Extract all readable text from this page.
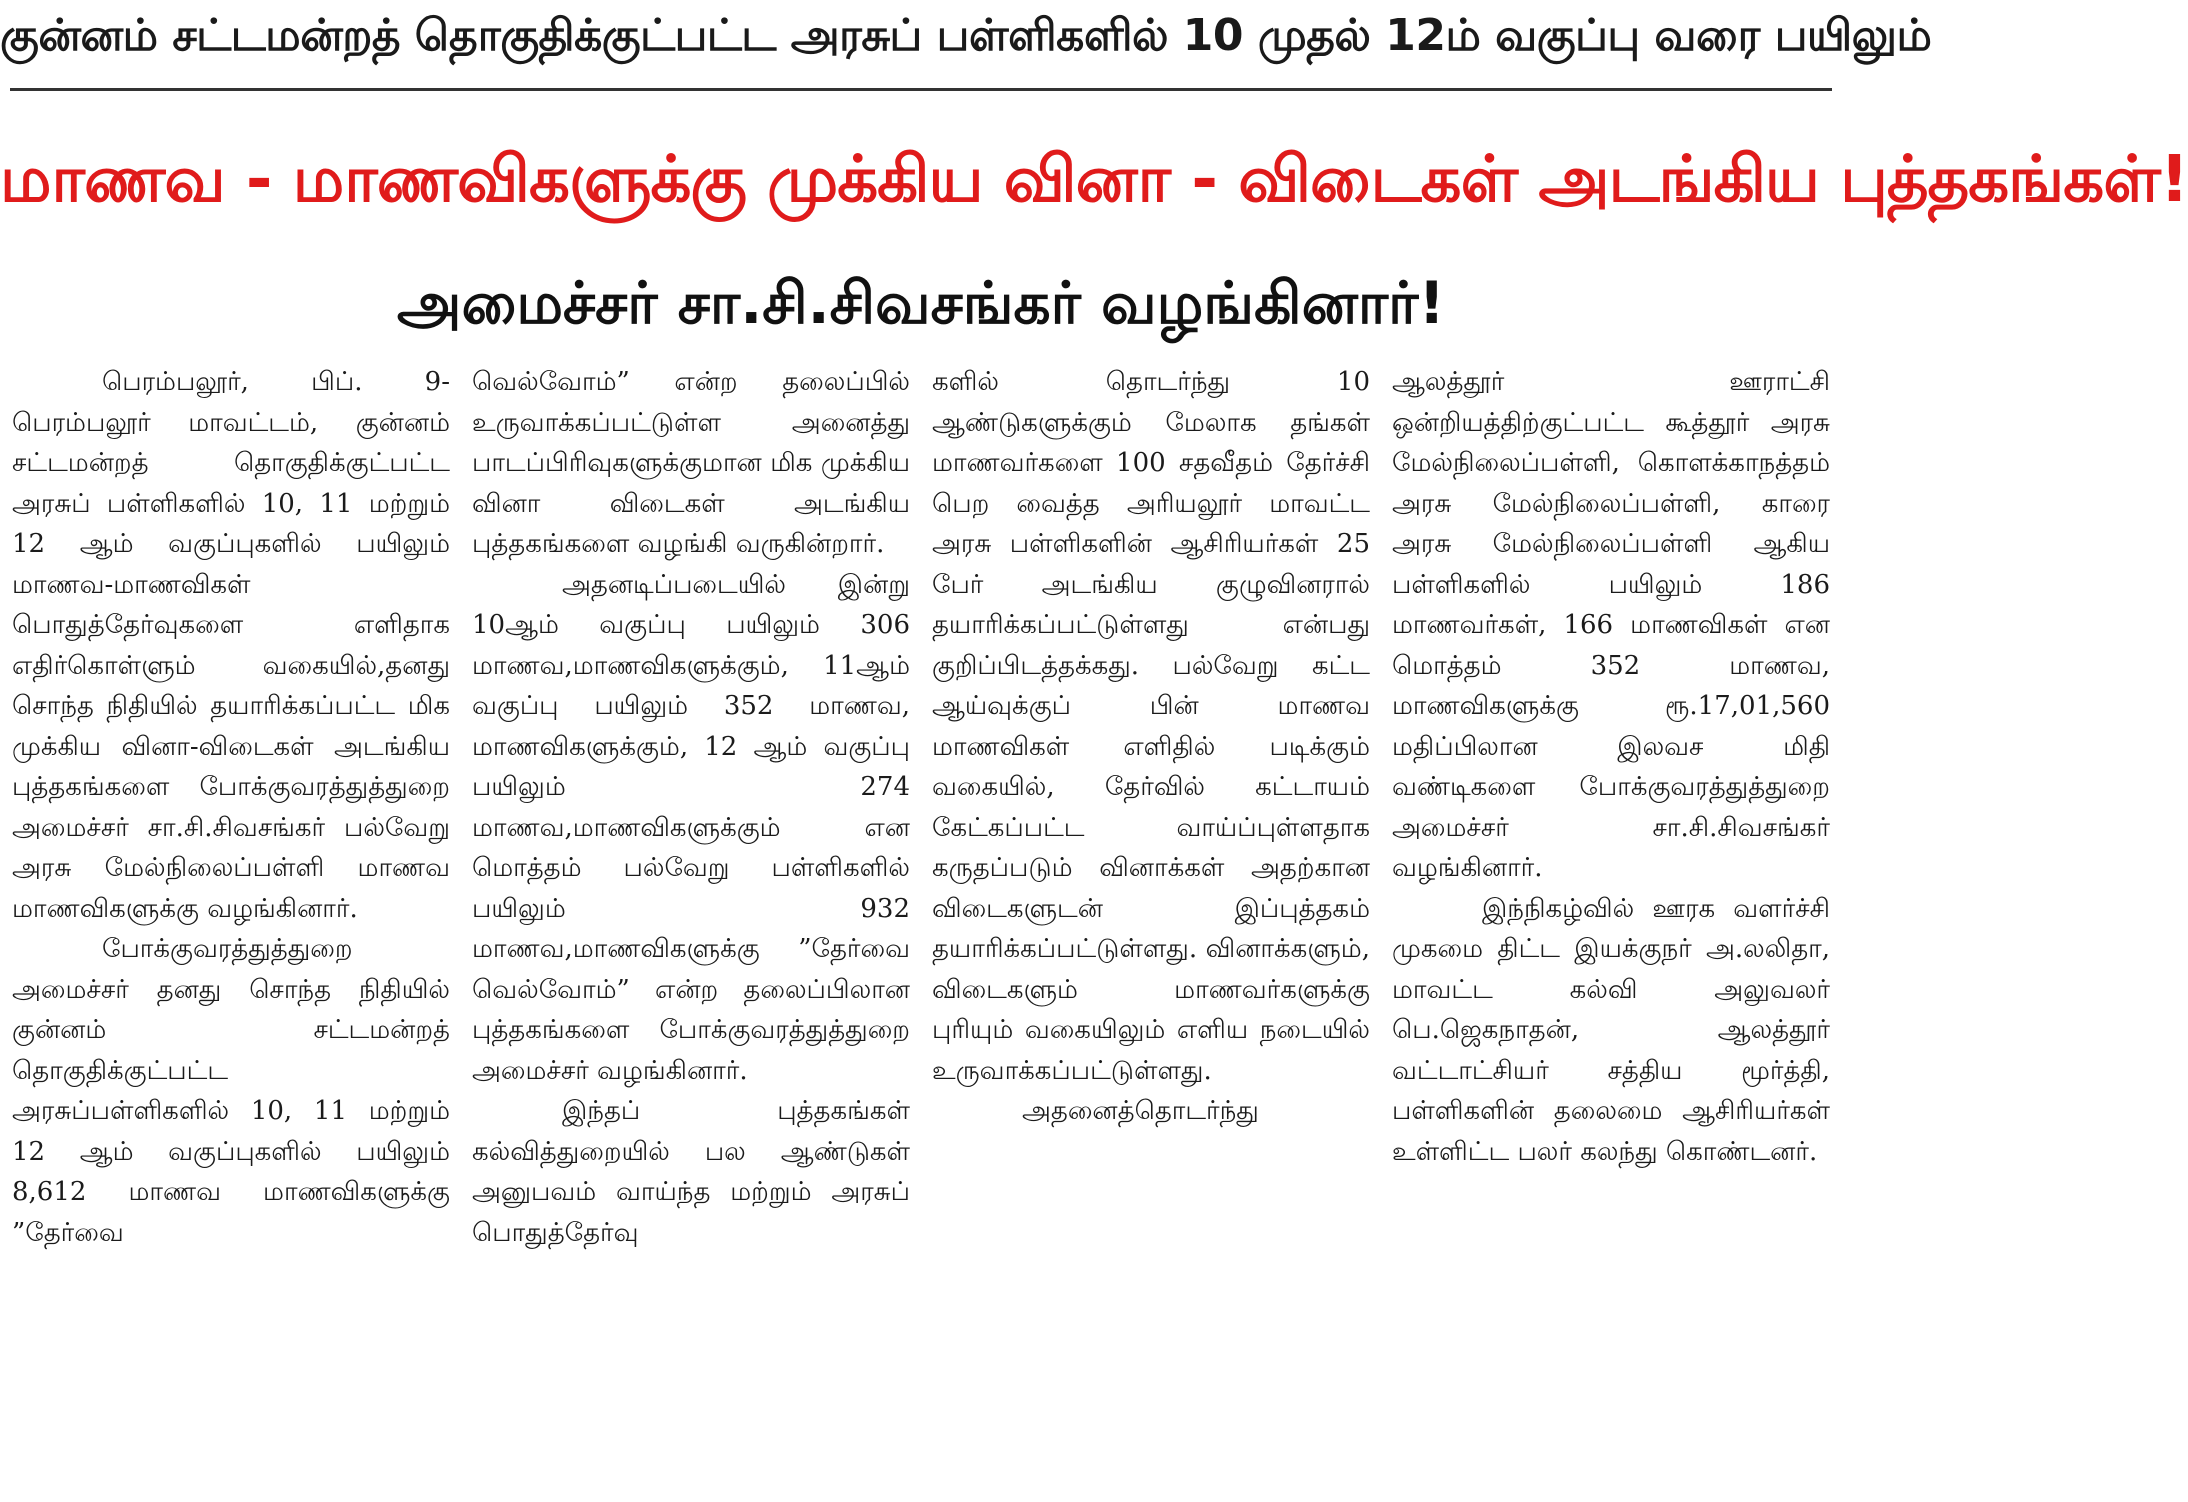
குன்னம் சட்டமன்றத் தொகுதிக்குட்பட்ட அரசுப் பள்ளிகளில் 10 முதல் 12ம் வகுப்பு வரை பயிலும்
மாணவ - மாணவிகளுக்கு முக்கிய வினா - விடைகள் அடங்கிய புத்தகங்கள்!
அமைச்சர் சா.சி.சிவசங்கர் வழங்கினார்!

பெரம்பலூர், பிப். 9- பெரம்பலூர் மாவட்டம், குன்னம் சட்டமன்றத் தொகுதிக்குட்பட்ட அரசுப் பள்ளிகளில் 10, 11 மற்றும் 12 ஆம் வகுப்புகளில் பயிலும் மாணவ-மாணவிகள் பொதுத்தேர்வுகளை எளிதாக எதிர்கொள்ளும் வகையில்,தனது சொந்த நிதியில் தயாரிக்கப்பட்ட மிக முக்கிய வினா-விடைகள் அடங்கிய புத்தகங்களை போக்குவரத்துத்துறை அமைச்சர் சா.சி.சிவசங்கர் பல்வேறு அரசு மேல்நிலைப்பள்ளி மாணவ மாணவிகளுக்கு வழங்கினார்.

போக்குவரத்துத்துறை அமைச்சர் தனது சொந்த நிதியில் குன்னம் சட்டமன்றத் தொகுதிக்குட்பட்ட அரசுப்பள்ளிகளில் 10, 11 மற்றும் 12 ஆம் வகுப்புகளில் பயிலும் 8,612 மாணவ மாணவிகளுக்கு ”தேர்வை

வெல்வோம்” என்ற தலைப்பில் உருவாக்கப்பட்டுள்ள அனைத்து பாடப்பிரிவுகளுக்குமான மிக முக்கிய வினா விடைகள் அடங்கிய புத்தகங்களை வழங்கி வருகின்றார்.

அதனடிப்படையில் இன்று 10ஆம் வகுப்பு பயிலும் 306 மாணவ,மாணவிகளுக்கும், 11ஆம் வகுப்பு பயிலும் 352 மாணவ, மாணவிகளுக்கும், 12 ஆம் வகுப்பு பயிலும் 274 மாணவ,மாணவிகளுக்கும் என மொத்தம் பல்வேறு பள்ளிகளில் பயிலும் 932 மாணவ,மாணவிகளுக்கு ”தேர்வை வெல்வோம்” என்ற தலைப்பிலான புத்தகங்களை போக்குவரத்துத்துறை அமைச்சர் வழங்கினார்.

இந்தப் புத்தகங்கள் கல்வித்துறையில் பல ஆண்டுகள் அனுபவம் வாய்ந்த மற்றும் அரசுப் பொதுத்தேர்வு

களில் தொடர்ந்து 10 ஆண்டுகளுக்கும் மேலாக தங்கள் மாணவர்களை 100 சதவீதம் தேர்ச்சி பெற வைத்த அரியலூர் மாவட்ட அரசு பள்ளிகளின் ஆசிரியர்கள் 25 பேர் அடங்கிய குழுவினரால் தயாரிக்கப்பட்டுள்ளது என்பது குறிப்பிடத்தக்கது. பல்வேறு கட்ட ஆய்வுக்குப் பின் மாணவ மாணவிகள் எளிதில் படிக்கும் வகையில், தேர்வில் கட்டாயம் கேட்கப்பட்ட வாய்ப்புள்ளதாக கருதப்படும் வினாக்கள் அதற்கான விடைகளுடன் இப்புத்தகம் தயாரிக்கப்பட்டுள்ளது. வினாக்களும், விடைகளும் மாணவர்களுக்கு புரியும் வகையிலும் எளிய நடையில் உருவாக்கப்பட்டுள்ளது.

அதனைத்தொடர்ந்து

ஆலத்தூர் ஊராட்சி ஒன்றியத்திற்குட்பட்ட கூத்தூர் அரசு மேல்நிலைப்பள்ளி, கொளக்காநத்தம் அரசு மேல்நிலைப்பள்ளி, காரை அரசு மேல்நிலைப்பள்ளி ஆகிய பள்ளிகளில் பயிலும் 186 மாணவர்கள், 166 மாணவிகள் என மொத்தம் 352 மாணவ, மாணவிகளுக்கு ரூ.17,01,560 மதிப்பிலான இலவச மிதி வண்டிகளை போக்குவரத்துத்துறை அமைச்சர் சா.சி.சிவசங்கர் வழங்கினார்.

இந்நிகழ்வில் ஊரக வளர்ச்சி முகமை திட்ட இயக்குநர் அ.லலிதா, மாவட்ட கல்வி அலுவலர் பெ.ஜெகநாதன், ஆலத்தூர் வட்டாட்சியர் சத்திய மூர்த்தி, பள்ளிகளின் தலைமை ஆசிரியர்கள் உள்ளிட்ட பலர் கலந்து கொண்டனர்.
